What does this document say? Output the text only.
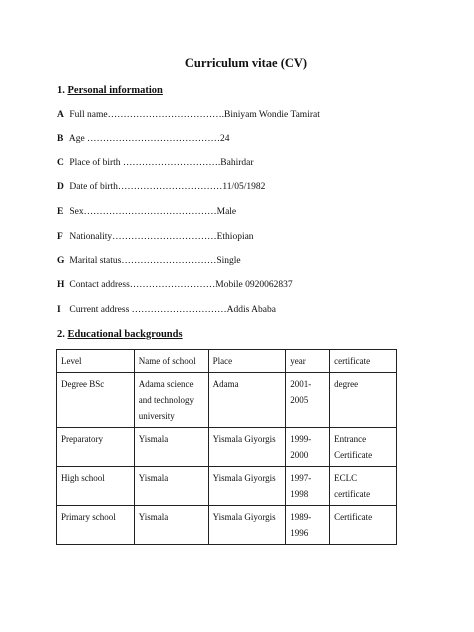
Curriculum vitae (CV)
1. Personal information
A Full name……………………………….Biniyam Wondie Tamirat
B Age ……………………………………24
C Place of birth ………………………….Bahirdar
D Date of birth……………………………11/05/1982
E Sex……………………………………Male
F Nationality……………………………Ethiopian
G Marital status…………………………Single
H Contact address………………………Mobile 0920062837
I Current address …………………………Addis Ababa
2. Educational backgrounds
Level	Name of school	Place	year	certificate
Degree BSc	Adama science and technology university	Adama	2001-2005	degree
Preparatory	Yismala	Yismala Giyorgis	1999-2000	Entrance Certificate
High school	Yismala	Yismala Giyorgis	1997-1998	ECLC certificate
Primary school	Yismala	Yismala Giyorgis	1989-1996	Certificate
